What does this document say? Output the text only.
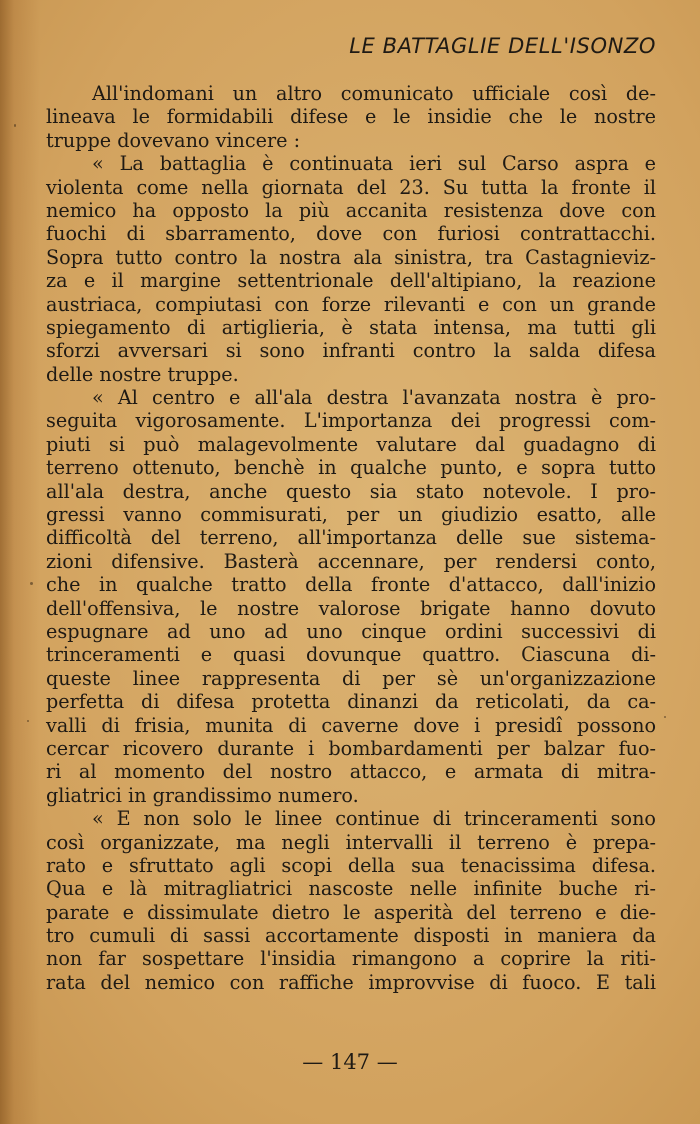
LE BATTAGLIE DELL'ISONZO
All'indomani un altro comunicato ufficiale così de-
lineava le formidabili difese e le insidie che le nostre
truppe dovevano vincere :
« La battaglia è continuata ieri sul Carso aspra e
violenta come nella giornata del 23. Su tutta la fronte il
nemico ha opposto la più accanita resistenza dove con
fuochi di sbarramento, dove con furiosi contrattacchi.
Sopra tutto contro la nostra ala sinistra, tra Castagnieviz-
za e il margine settentrionale dell'altipiano, la reazione
austriaca, compiutasi con forze rilevanti e con un grande
spiegamento di artiglieria, è stata intensa, ma tutti gli
sforzi avversari si sono infranti contro la salda difesa
delle nostre truppe.
« Al centro e all'ala destra l'avanzata nostra è pro-
seguita vigorosamente. L'importanza dei progressi com-
piuti si può malagevolmente valutare dal guadagno di
terreno ottenuto, benchè in qualche punto, e sopra tutto
all'ala destra, anche questo sia stato notevole. I pro-
gressi vanno commisurati, per un giudizio esatto, alle
difficoltà del terreno, all'importanza delle sue sistema-
zioni difensive. Basterà accennare, per rendersi conto,
che in qualche tratto della fronte d'attacco, dall'inizio
dell'offensiva, le nostre valorose brigate hanno dovuto
espugnare ad uno ad uno cinque ordini successivi di
trinceramenti e quasi dovunque quattro. Ciascuna di-
queste linee rappresenta di per sè un'organizzazione
perfetta di difesa protetta dinanzi da reticolati, da ca-
valli di frisia, munita di caverne dove i presidî possono
cercar ricovero durante i bombardamenti per balzar fuo-
ri al momento del nostro attacco, e armata di mitra-
gliatrici in grandissimo numero.
« E non solo le linee continue di trinceramenti sono
così organizzate, ma negli intervalli il terreno è prepa-
rato e sfruttato agli scopi della sua tenacissima difesa.
Qua e là mitragliatrici nascoste nelle infinite buche ri-
parate e dissimulate dietro le asperità del terreno e die-
tro cumuli di sassi accortamente disposti in maniera da
non far sospettare l'insidia rimangono a coprire la riti-
rata del nemico con raffiche improvvise di fuoco. E tali
— 147 —
